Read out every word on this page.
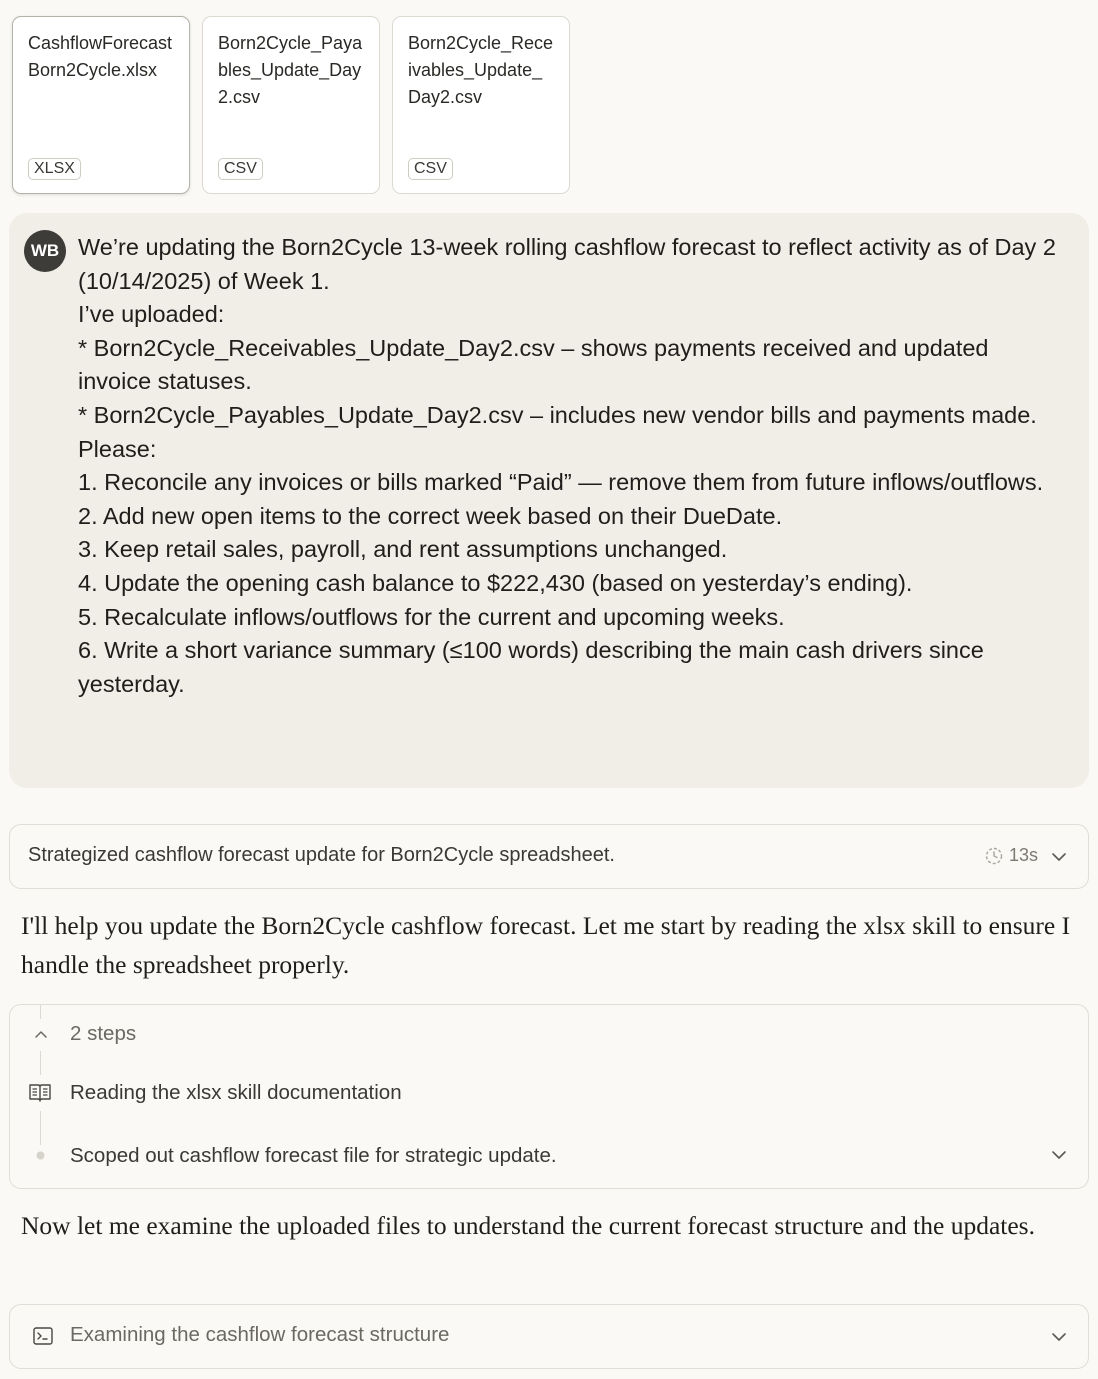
CashflowForecast Born2Cycle.xlsx
XLSX
Born2Cycle_Payables_Update_Day2.csv
CSV
Born2Cycle_Receivables_Update_Day2.csv
CSV
WB We’re updating the Born2Cycle 13-week rolling cashflow forecast to reflect activity as of Day 2 (10/14/2025) of Week 1.
I’ve uploaded:
* Born2Cycle_Receivables_Update_Day2.csv – shows payments received and updated invoice statuses.
* Born2Cycle_Payables_Update_Day2.csv – includes new vendor bills and payments made.
Please:
1. Reconcile any invoices or bills marked “Paid” — remove them from future inflows/outflows.
2. Add new open items to the correct week based on their DueDate.
3. Keep retail sales, payroll, and rent assumptions unchanged.
4. Update the opening cash balance to $222,430 (based on yesterday’s ending).
5. Recalculate inflows/outflows for the current and upcoming weeks.
6. Write a short variance summary (≤100 words) describing the main cash drivers since yesterday.
Strategized cashflow forecast update for Born2Cycle spreadsheet.	13s
I'll help you update the Born2Cycle cashflow forecast. Let me start by reading the xlsx skill to ensure I handle the spreadsheet properly.
2 steps
Reading the xlsx skill documentation
Scoped out cashflow forecast file for strategic update.
Now let me examine the uploaded files to understand the current forecast structure and the updates.
Examining the cashflow forecast structure
